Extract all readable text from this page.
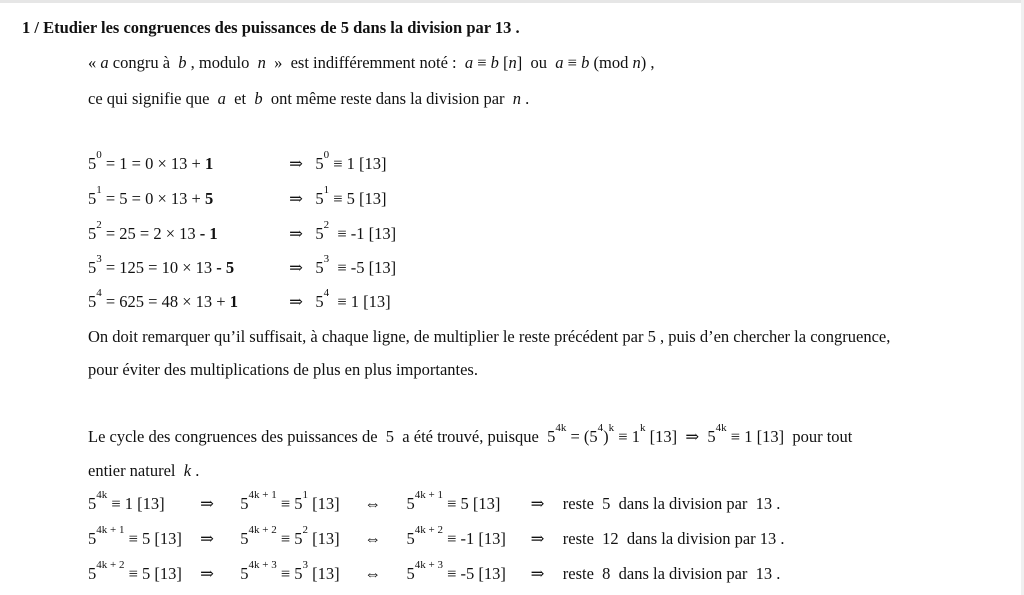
1 / Etudier les congruences des puissances de 5 dans la division par 13 .
« a congru à  b , modulo  n  »  est indifféremment noté :  a ≡ b [n]  ou  a ≡ b (mod n) ,
ce qui signifie que  a  et  b  ont même reste dans la division par  n .
$5^0 = 1 = 0 \times 13 + 1$	⇒   $5^0 \equiv 1$ [13]
$5^1 = 5 = 0 \times 13 + 5$	⇒   $5^1 \equiv 5$ [13]
$5^2 = 25 = 2 \times 13 - 1$	⇒   $5^2 \equiv -1$ [13]
$5^3 = 125 = 10 \times 13 - 5$	⇒   $5^3 \equiv -5$ [13]
$5^4 = 625 = 48 \times 13 + 1$	⇒   $5^4 \equiv 1$ [13]
On doit remarquer qu’il suffisait, à chaque ligne, de multiplier le reste précédent par 5 , puis d’en chercher la congruence,
pour éviter des multiplications de plus en plus importantes.
Le cycle des congruences des puissances de  5  a été trouvé, puisque  $5^{4k} = (5^4)^k \equiv 1^k$ [13]  ⇒  $5^{4k} \equiv 1$ [13]  pour tout
entier naturel  k .
$5^{4k} \equiv 1$ [13] ⇒ $5^{4k + 1} \equiv 5^1$ [13] ⇔ $5^{4k + 1} \equiv 5$ [13] ⇒ reste  5  dans la division par  13 .
$5^{4k + 1} \equiv 5$ [13] ⇒ $5^{4k + 2} \equiv 5^2$ [13] ⇔ $5^{4k + 2} \equiv -1$ [13] ⇒ reste  12  dans la division par 13 .
$5^{4k + 2} \equiv 5$ [13] ⇒ $5^{4k + 3} \equiv 5^3$ [13] ⇔ $5^{4k + 3} \equiv -5$ [13] ⇒ reste  8  dans la division par  13 .
